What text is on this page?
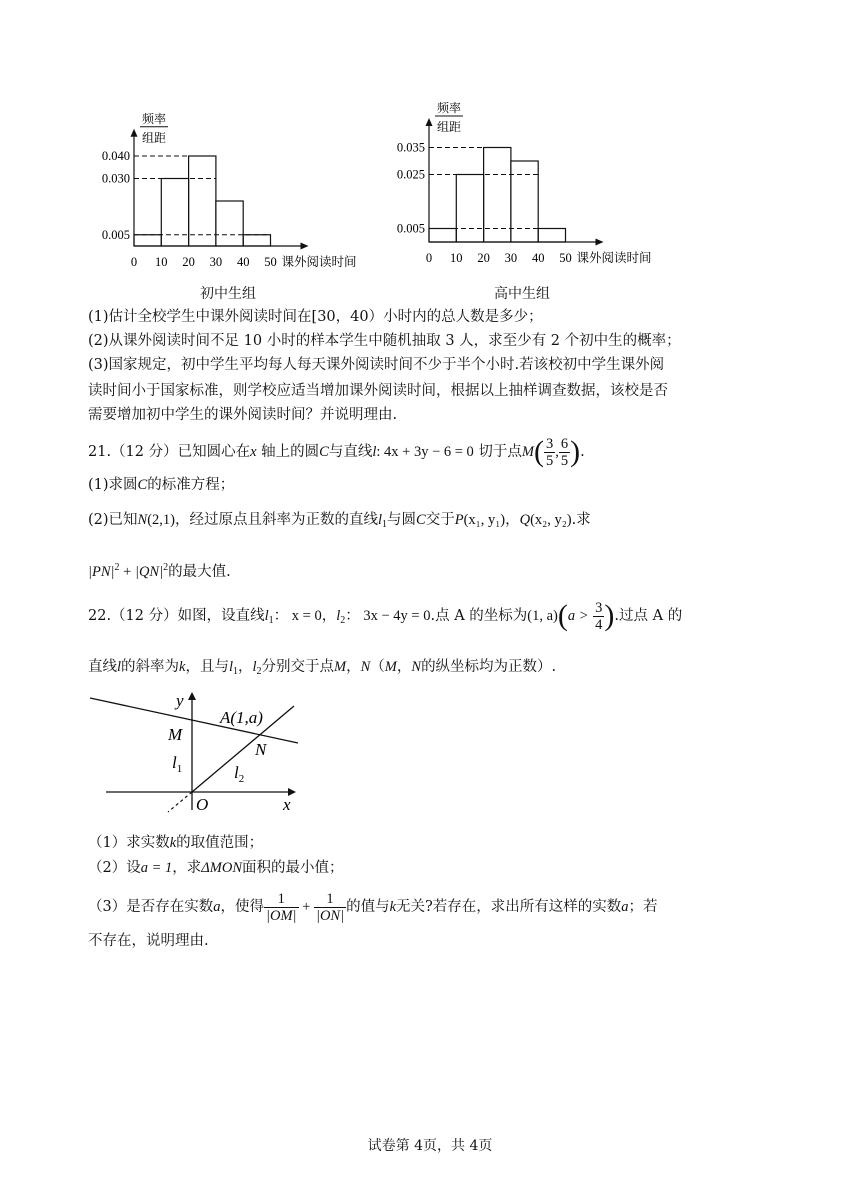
频率
组距
0.005
0.030
0.040
0 10 20 30 40 50 课外阅读时间
初中生组
频率
组距
0.005
0.025
0.035
0 10 20 30 40 50 课外阅读时间
高中生组
(1)估计全校学生中课外阅读时间在[30，40）小时内的总人数是多少；
(2)从课外阅读时间不足 10 小时的样本学生中随机抽取 3 人，求至少有 2 个初中生的概率；
(3)国家规定，初中学生平均每人每天课外阅读时间不少于半个小时.若该校初中学生课外阅
读时间小于国家标准，则学校应适当增加课外阅读时间，根据以上抽样调查数据，该校是否
需要增加初中学生的课外阅读时间？并说明理由.
21.（12 分）已知圆心在x 轴上的圆C与直线l: 4x + 3y − 6 = 0 切于点$M( \frac{3}{5}$ , $\frac{6}{5}$ ).
(1)求圆C的标准方程；
(2)已知N(2,1)，经过原点且斜率为正数的直线$l_1$与圆C交于P(x₁, y₁)，Q(x₂, y₂).求
$|PN|^2 + |QN|^2$的最大值.
22.（12 分）如图，设直线$l_1$： x = 0，$l_2$： 3x − 4y = 0.点 A 的坐标为(1, $a)(a > \frac{3}{4}$ ).过点 A 的
直线l的斜率为k，且与$l_1$，$l_2$分别交于点M，N（M，N的纵坐标均为正数）.
y
x
O
M
A(1,a)
N
$l_1$	$l_2$
（1）求实数k的取值范围；
（2）设a = 1，求ΔMON面积的最小值；
（3）是否存在实数a，使得 $\frac{1}{|OM|} + \frac{1}{|ON|}$ 的值与k无关?若存在，求出所有这样的实数a；若
不存在，说明理由.
试卷第 4页，共 4页
